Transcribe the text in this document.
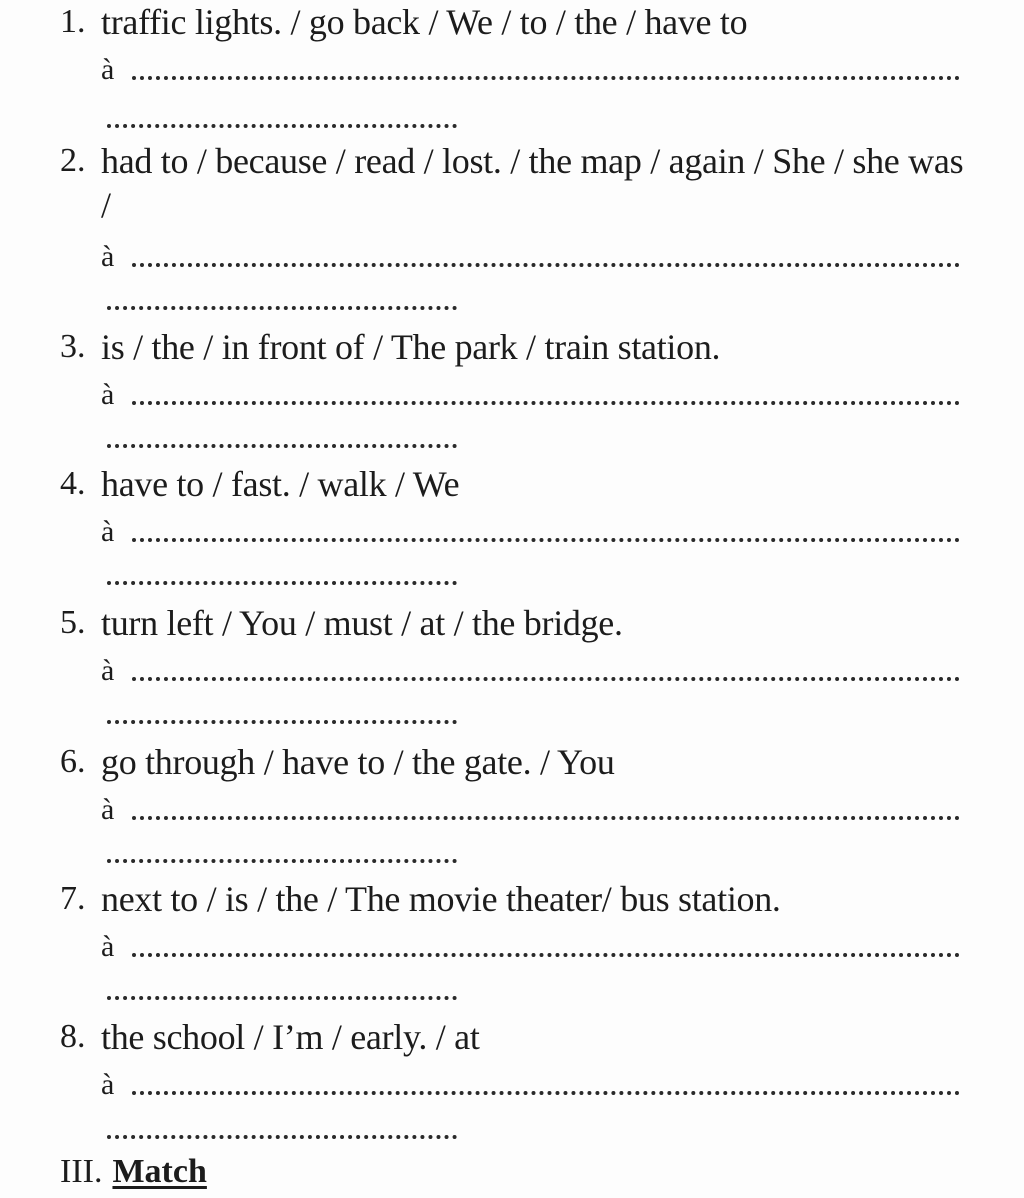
1. traffic lights. / go back / We / to / the / have to
à
2. had to / because / read / lost. / the map / again / She / she was /
à
3. is / the / in front of / The park / train station.
à
4. have to / fast. / walk / We
à
5. turn left / You / must / at / the bridge.
à
6. go through / have to / the gate. / You
à
7. next to / is / the / The movie theater/ bus station.
à
8. the school / I’m / early. / at
à
III. Match
